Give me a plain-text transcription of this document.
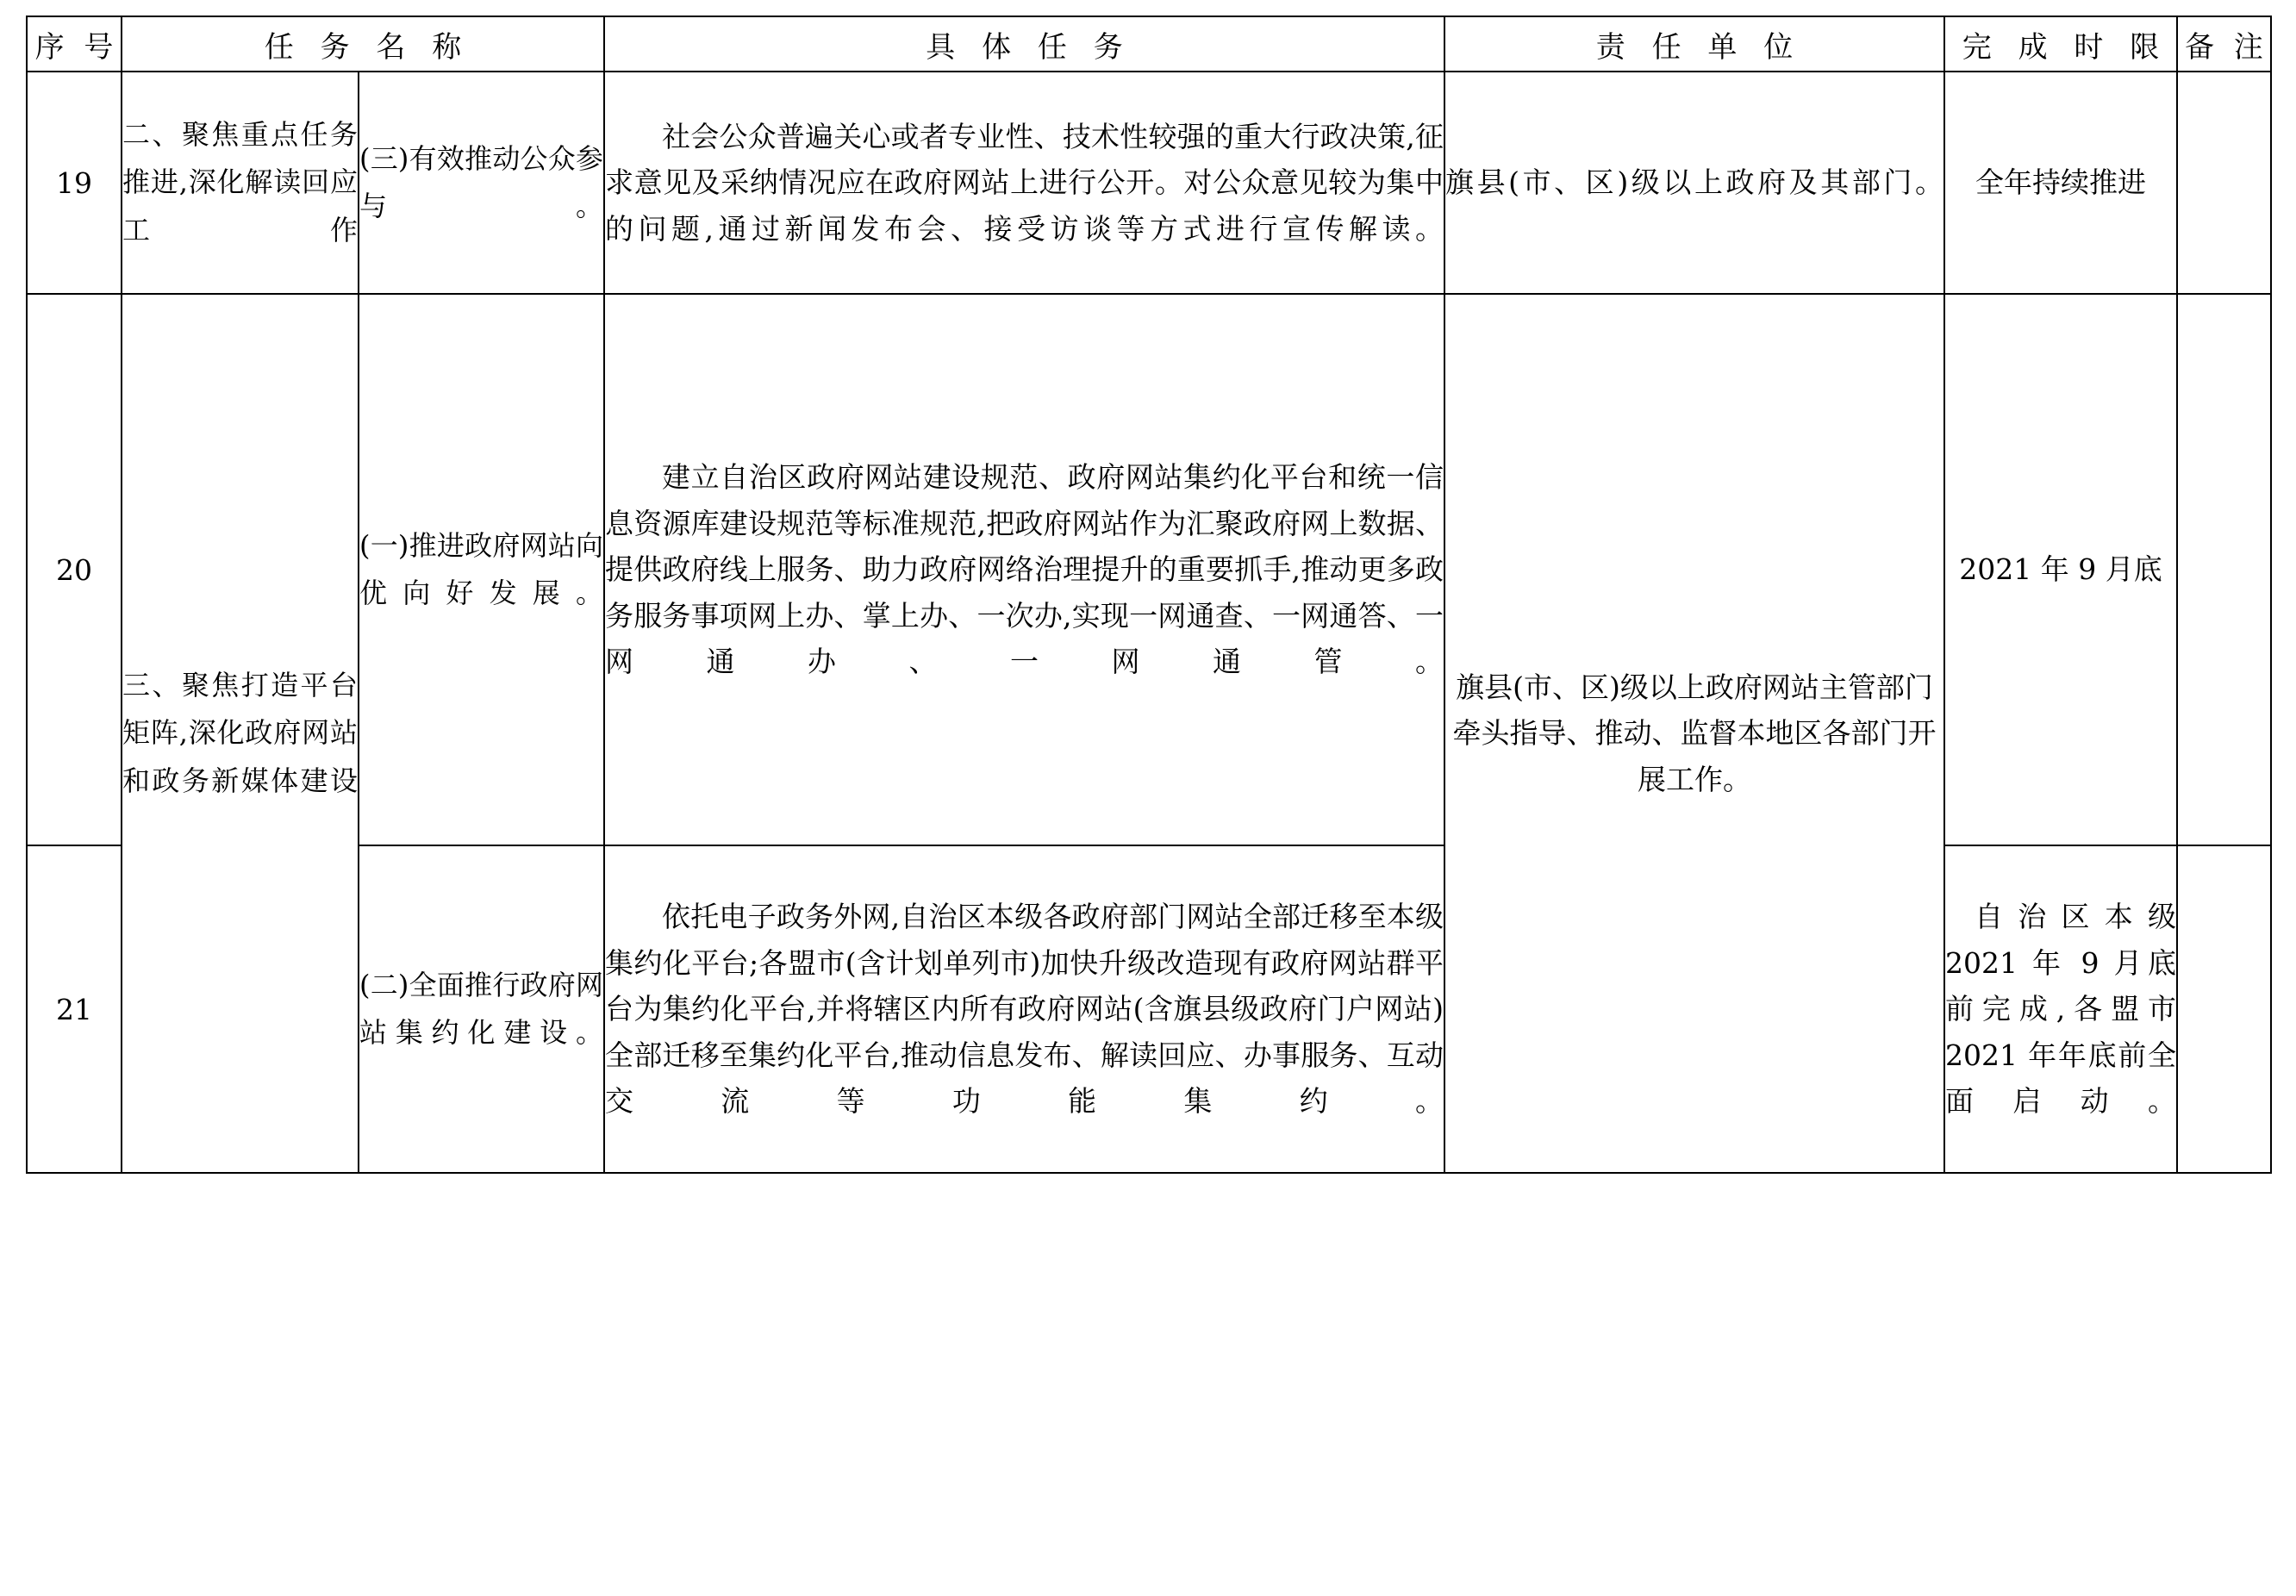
序 号	任 务 名 称		具 体 任 务	责 任 单 位	完 成 时 限	备 注
19	二、聚焦重点任务推进,深化解读回应工作	(三)有效推动公众参与。	社会公众普遍关心或者专业性、技术性较强的重大行政决策,征求意见及采纳情况应在政府网站上进行公开。对公众意见较为集中的问题,通过新闻发布会、接受访谈等方式进行宣传解读。	旗县(市、区)级以上政府及其部门。	全年持续推进	
20	三、聚焦打造平台矩阵,深化政府网站和政务新媒体建设	(一)推进政府网站向优向好发展。	建立自治区政府网站建设规范、政府网站集约化平台和统一信息资源库建设规范等标准规范,把政府网站作为汇聚政府网上数据、提供政府线上服务、助力政府网络治理提升的重要抓手,推动更多政务服务事项网上办、掌上办、一次办,实现一网通查、一网通答、一网通办、一网通管。	旗县(市、区)级以上政府网站主管部门牵头指导、推动、监督本地区各部门开展工作。	2021 年 9 月底	
21		(二)全面推行政府网站集约化建设。	依托电子政务外网,自治区本级各政府部门网站全部迁移至本级集约化平台;各盟市(含计划单列市)加快升级改造现有政府网站群平台为集约化平台,并将辖区内所有政府网站(含旗县级政府门户网站)全部迁移至集约化平台,推动信息发布、解读回应、办事服务、互动交流等功能集约。		自治区本级 2021 年 9 月底前完成,各盟市 2021 年年底前全面启动。	
